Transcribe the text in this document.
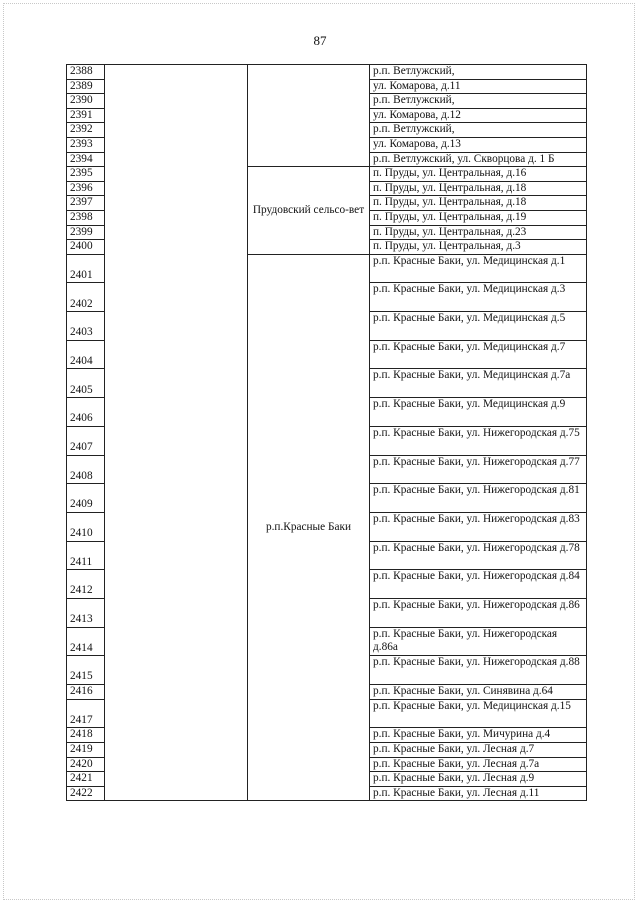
87
2388			р.п. Ветлужский,
2389			ул. Комарова, д.11
2390			р.п. Ветлужский,
2391			ул. Комарова, д.12
2392			р.п. Ветлужский,
2393			ул. Комарова, д.13
2394			р.п. Ветлужский, ул. Скворцова д. 1 Б
2395		Прудовский сельсо-вет	п. Пруды, ул. Центральная, д.16
2396			п. Пруды, ул. Центральная, д.18
2397			п. Пруды, ул. Центральная, д.18
2398			п. Пруды, ул. Центральная, д.19
2399			п. Пруды, ул. Центральная, д.23
2400			п. Пруды, ул. Центральная, д.3
2401		р.п.Красные Баки	р.п. Красные Баки, ул. Медицинская д.1
2402			р.п. Красные Баки, ул. Медицинская д.3
2403			р.п. Красные Баки, ул. Медицинская д.5
2404			р.п. Красные Баки, ул. Медицинская д.7
2405			р.п. Красные Баки, ул. Медицинская д.7а
2406			р.п. Красные Баки, ул. Медицинская д.9
2407			р.п. Красные Баки, ул. Нижегородская д.75
2408			р.п. Красные Баки, ул. Нижегородская д.77
2409			р.п. Красные Баки, ул. Нижегородская д.81
2410			р.п. Красные Баки, ул. Нижегородская д.83
2411			р.п. Красные Баки, ул. Нижегородская д.78
2412			р.п. Красные Баки, ул. Нижегородская д.84
2413			р.п. Красные Баки, ул. Нижегородская д.86
2414			р.п. Красные Баки, ул. Нижегородская д.86а
2415			р.п. Красные Баки, ул. Нижегородская д.88
2416			р.п. Красные Баки, ул. Синявина д.64
2417			р.п. Красные Баки, ул. Медицинская д.15
2418			р.п. Красные Баки, ул. Мичурина д.4
2419			р.п. Красные Баки, ул. Лесная д.7
2420			р.п. Красные Баки, ул. Лесная д.7а
2421			р.п. Красные Баки, ул. Лесная д.9
2422			р.п. Красные Баки, ул. Лесная д.11
